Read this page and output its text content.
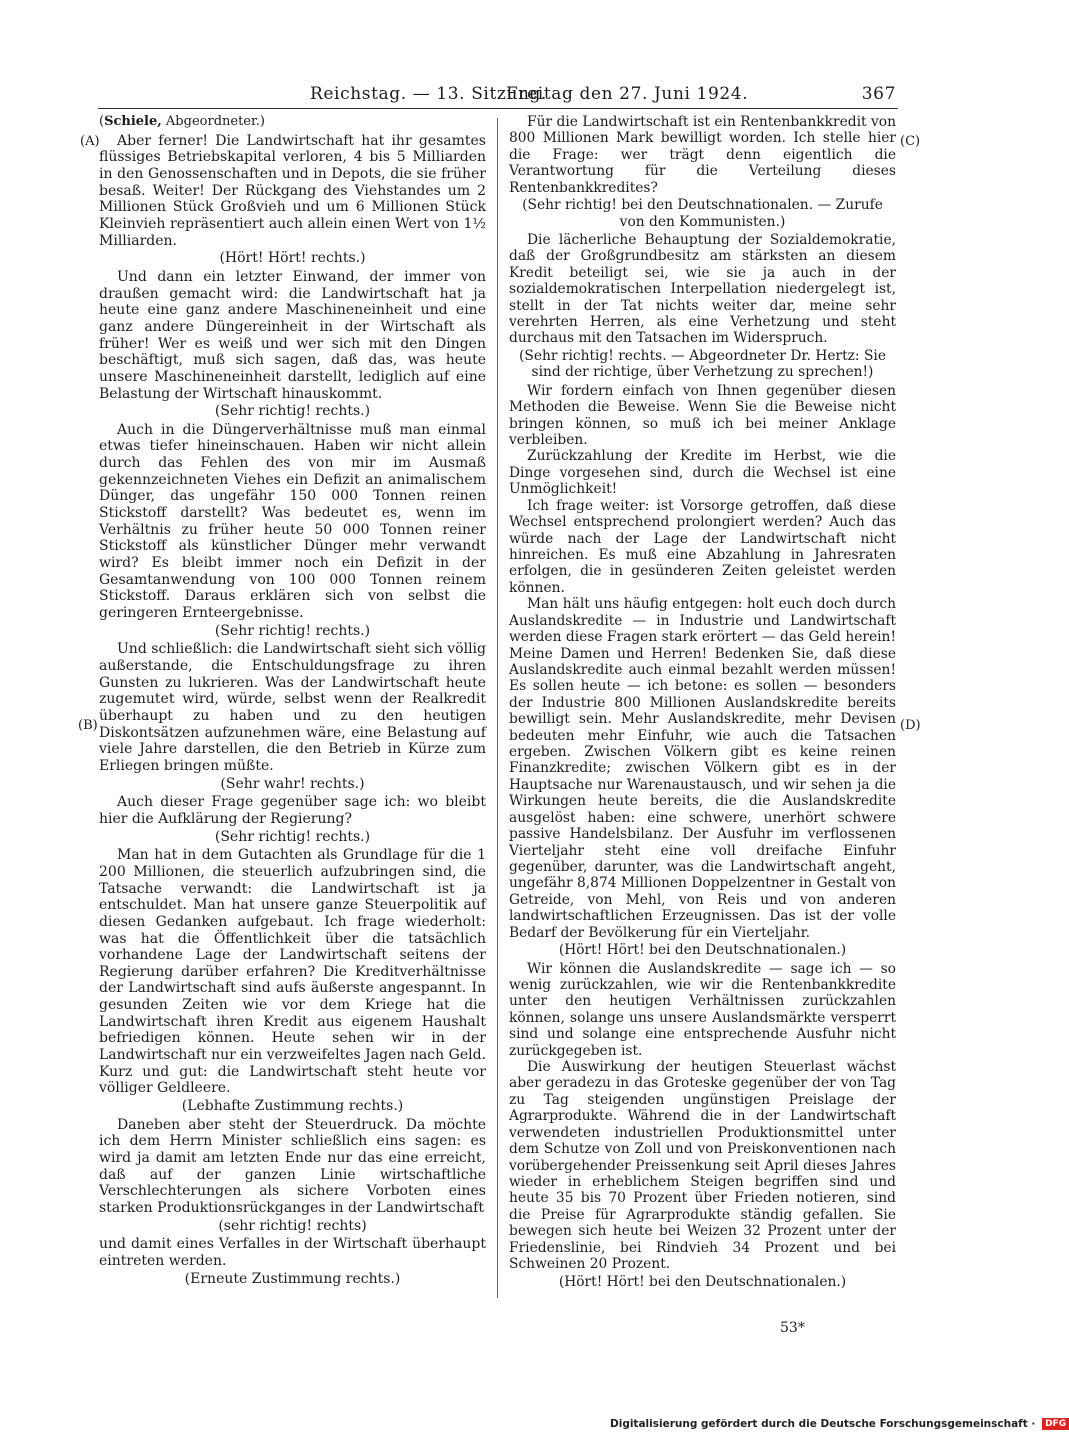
Reichstag. — 13. Sitzung.
Freitag den 27. Juni 1924.	367
(A)
(B)
(C)
(D)
(Schiele, Abgeordneter.)

Aber ferner! Die Landwirtschaft hat ihr gesamtes flüssiges Betriebskapital verloren, 4 bis 5 Milliarden in den Genossenschaften und in Depots, die sie früher besaß. Weiter! Der Rückgang des Viehstandes um 2 Millionen Stück Großvieh und um 6 Millionen Stück Kleinvieh repräsentiert auch allein einen Wert von 1½ Milliarden.

(Hört! Hört! rechts.)

Und dann ein letzter Einwand, der immer von draußen gemacht wird: die Landwirtschaft hat ja heute eine ganz andere Maschineneinheit und eine ganz andere Düngereinheit in der Wirtschaft als früher! Wer es weiß und wer sich mit den Dingen beschäftigt, muß sich sagen, daß das, was heute unsere Maschineneinheit darstellt, lediglich auf eine Belastung der Wirtschaft hinauskommt.

(Sehr richtig! rechts.)

Auch in die Düngerverhältnisse muß man einmal etwas tiefer hineinschauen. Haben wir nicht allein durch das Fehlen des von mir im Ausmaß gekennzeichneten Viehes ein Defizit an animalischem Dünger, das ungefähr 150 000 Tonnen reinen Stickstoff darstellt? Was bedeutet es, wenn im Verhältnis zu früher heute 50 000 Tonnen reiner Stickstoff als künstlicher Dünger mehr verwandt wird? Es bleibt immer noch ein Defizit in der Gesamtanwendung von 100 000 Tonnen reinem Stickstoff. Daraus erklären sich von selbst die geringeren Ernteergebnisse.

(Sehr richtig! rechts.)

Und schließlich: die Landwirtschaft sieht sich völlig außerstande, die Entschuldungsfrage zu ihren Gunsten zu lukrieren. Was der Landwirtschaft heute zugemutet wird, würde, selbst wenn der Realkredit überhaupt zu haben und zu den heutigen Diskontsätzen aufzunehmen wäre, eine Belastung auf viele Jahre darstellen, die den Betrieb in Kürze zum Erliegen bringen müßte.

(Sehr wahr! rechts.)

Auch dieser Frage gegenüber sage ich: wo bleibt hier die Aufklärung der Regierung?

(Sehr richtig! rechts.)

Man hat in dem Gutachten als Grundlage für die 1 200 Millionen, die steuerlich aufzubringen sind, die Tatsache verwandt: die Landwirtschaft ist ja entschuldet. Man hat unsere ganze Steuerpolitik auf diesen Gedanken aufgebaut. Ich frage wiederholt: was hat die Öffentlichkeit über die tatsächlich vorhandene Lage der Landwirtschaft seitens der Regierung darüber erfahren? Die Kreditverhältnisse der Landwirtschaft sind aufs äußerste angespannt. In gesunden Zeiten wie vor dem Kriege hat die Landwirtschaft ihren Kredit aus eigenem Haushalt befriedigen können. Heute sehen wir in der Landwirtschaft nur ein verzweifeltes Jagen nach Geld. Kurz und gut: die Landwirtschaft steht heute vor völliger Geldleere.

(Lebhafte Zustimmung rechts.)

Daneben aber steht der Steuerdruck. Da möchte ich dem Herrn Minister schließlich eins sagen: es wird ja damit am letzten Ende nur das eine erreicht, daß auf der ganzen Linie wirtschaftliche Verschlechterungen als sichere Vorboten eines starken Produktionsrückganges in der Landwirtschaft

(sehr richtig! rechts)

und damit eines Verfalles in der Wirtschaft überhaupt eintreten werden.

(Erneute Zustimmung rechts.)

Für die Landwirtschaft ist ein Rentenbankkredit von 800 Millionen Mark bewilligt worden. Ich stelle hier die Frage: wer trägt denn eigentlich die Verantwortung für die Verteilung dieses Rentenbankkredites?

(Sehr richtig! bei den Deutschnationalen. — Zurufe von den Kommunisten.)

Die lächerliche Behauptung der Sozialdemokratie, daß der Großgrundbesitz am stärksten an diesem Kredit beteiligt sei, wie sie ja auch in der sozialdemokratischen Interpellation niedergelegt ist, stellt in der Tat nichts weiter dar, meine sehr verehrten Herren, als eine Verhetzung und steht durchaus mit den Tatsachen im Widerspruch.

(Sehr richtig! rechts. — Abgeordneter Dr. Hertz: Sie sind der richtige, über Verhetzung zu sprechen!)

Wir fordern einfach von Ihnen gegenüber diesen Methoden die Beweise. Wenn Sie die Beweise nicht bringen können, so muß ich bei meiner Anklage verbleiben.

Zurückzahlung der Kredite im Herbst, wie die Dinge vorgesehen sind, durch die Wechsel ist eine Unmöglichkeit!

Ich frage weiter: ist Vorsorge getroffen, daß diese Wechsel entsprechend prolongiert werden? Auch das würde nach der Lage der Landwirtschaft nicht hinreichen. Es muß eine Abzahlung in Jahresraten erfolgen, die in gesünderen Zeiten geleistet werden können.

Man hält uns häufig entgegen: holt euch doch durch Auslandskredite — in Industrie und Landwirtschaft werden diese Fragen stark erörtert — das Geld herein! Meine Damen und Herren! Bedenken Sie, daß diese Auslandskredite auch einmal bezahlt werden müssen! Es sollen heute — ich betone: es sollen — besonders der Industrie 800 Millionen Auslandskredite bereits bewilligt sein. Mehr Auslandskredite, mehr Devisen bedeuten mehr Einfuhr, wie auch die Tatsachen ergeben. Zwischen Völkern gibt es keine reinen Finanzkredite; zwischen Völkern gibt es in der Hauptsache nur Warenaustausch, und wir sehen ja die Wirkungen heute bereits, die die Auslandskredite ausgelöst haben: eine schwere, unerhört schwere passive Handelsbilanz. Der Ausfuhr im verflossenen Vierteljahr steht eine voll dreifache Einfuhr gegenüber, darunter, was die Landwirtschaft angeht, ungefähr 8,874 Millionen Doppelzentner in Gestalt von Getreide, von Mehl, von Reis und von anderen landwirtschaftlichen Erzeugnissen. Das ist der volle Bedarf der Bevölkerung für ein Vierteljahr.

(Hört! Hört! bei den Deutschnationalen.)

Wir können die Auslandskredite — sage ich — so wenig zurückzahlen, wie wir die Rentenbankkredite unter den heutigen Verhältnissen zurückzahlen können, solange uns unsere Auslandsmärkte versperrt sind und solange eine entsprechende Ausfuhr nicht zurückgegeben ist.

Die Auswirkung der heutigen Steuerlast wächst aber geradezu in das Groteske gegenüber der von Tag zu Tag steigenden ungünstigen Preislage der Agrarprodukte. Während die in der Landwirtschaft verwendeten industriellen Produktionsmittel unter dem Schutze von Zoll und von Preiskonventionen nach vorübergehender Preissenkung seit April dieses Jahres wieder in erheblichem Steigen begriffen sind und heute 35 bis 70 Prozent über Frieden notieren, sind die Preise für Agrarprodukte ständig gefallen. Sie bewegen sich heute bei Weizen 32 Prozent unter der Friedenslinie, bei Rindvieh 34 Prozent und bei Schweinen 20 Prozent.

(Hört! Hört! bei den Deutschnationalen.)

53*
Digitalisierung gefördert durch die Deutsche Forschungsgemeinschaft · DFG
